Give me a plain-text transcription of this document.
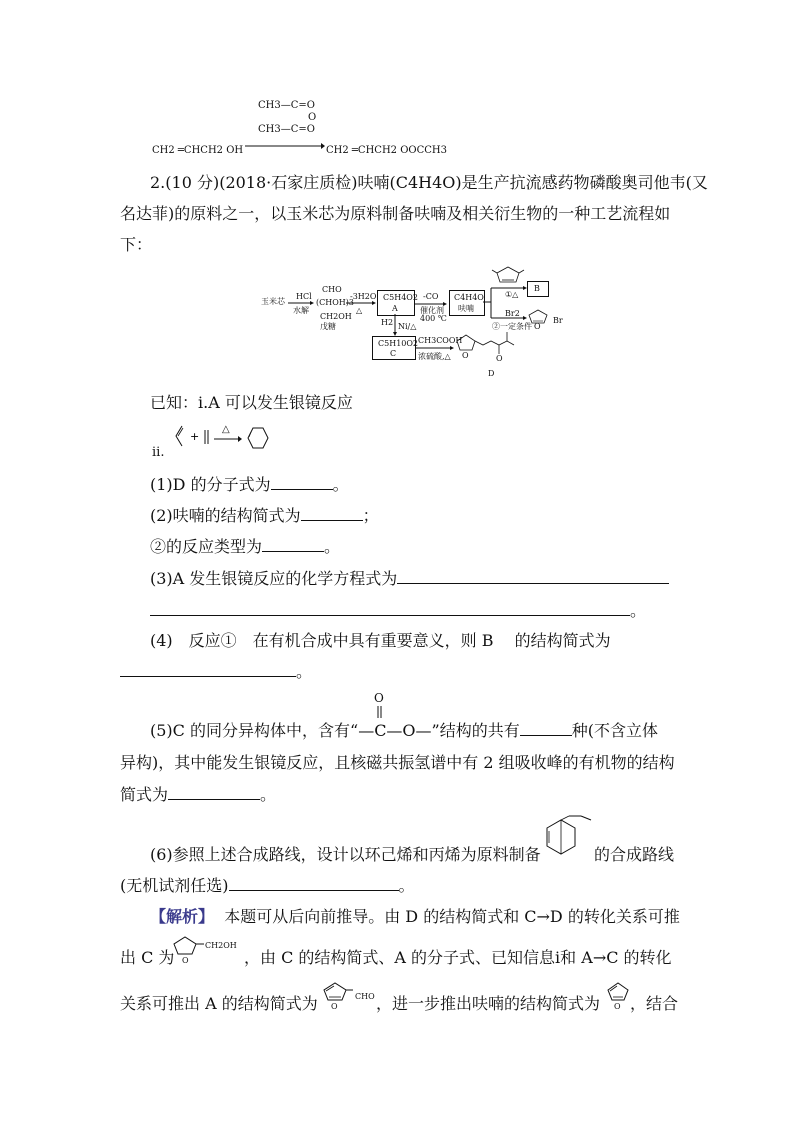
CH3—C=O
O
CH3—C=O
CH2 ═CHCH2 OH	CH2 ═CHCH2 OOCCH3
2.(10 分)(2018·石家庄质检)呋喃(C4H4O)是生产抗流感药物磷酸奥司他韦(又
名达菲)的原料之一，以玉米芯为原料制备呋喃及相关衍生物的一种工艺流程如
下：
玉米芯
HCl
水解
CHO
(CHOH)3
CH2OH
戊糖
-3H2O
△
C5H4O2
A
-CO
催化剂
400 ℃
C4H4O
呋喃
①△
B
Br2
②一定条件 O
Br
H2 Ni/△
C5H10O2
C
CH3COOH
浓硫酸,△ O	O
D
已知：ⅰ.A 可以发生银镜反应
ⅱ.
+
△
(1)D 的分子式为	。
(2)呋喃的结构简式为	；
②的反应类型为	。
(3)A 发生银镜反应的化学方程式为
。
(4)　反应①　在有机合成中具有重要意义，则 B　 的结构简式为
。
O
(5)C 的同分异构体中，含有“—C—O—”结构的共有	种(不含立体
异构)，其中能发生银镜反应，且核磁共振氢谱中有 2 组吸收峰的有机物的结构
简式为	。
(6)参照上述合成路线，设计以环己烯和丙烯为原料制备	的合成路线
(无机试剂任选)	。
【解析】 本题可从后向前推导。由 D 的结构简式和 C→D 的转化关系可推
出 C 为 O
CH2OH
，由 C 的结构简式、A 的分子式、已知信息ⅰ和 A→C 的转化
关系可推出 A 的结构简式为 O
CHO ，进一步推出呋喃的结构简式为 O ，结合
